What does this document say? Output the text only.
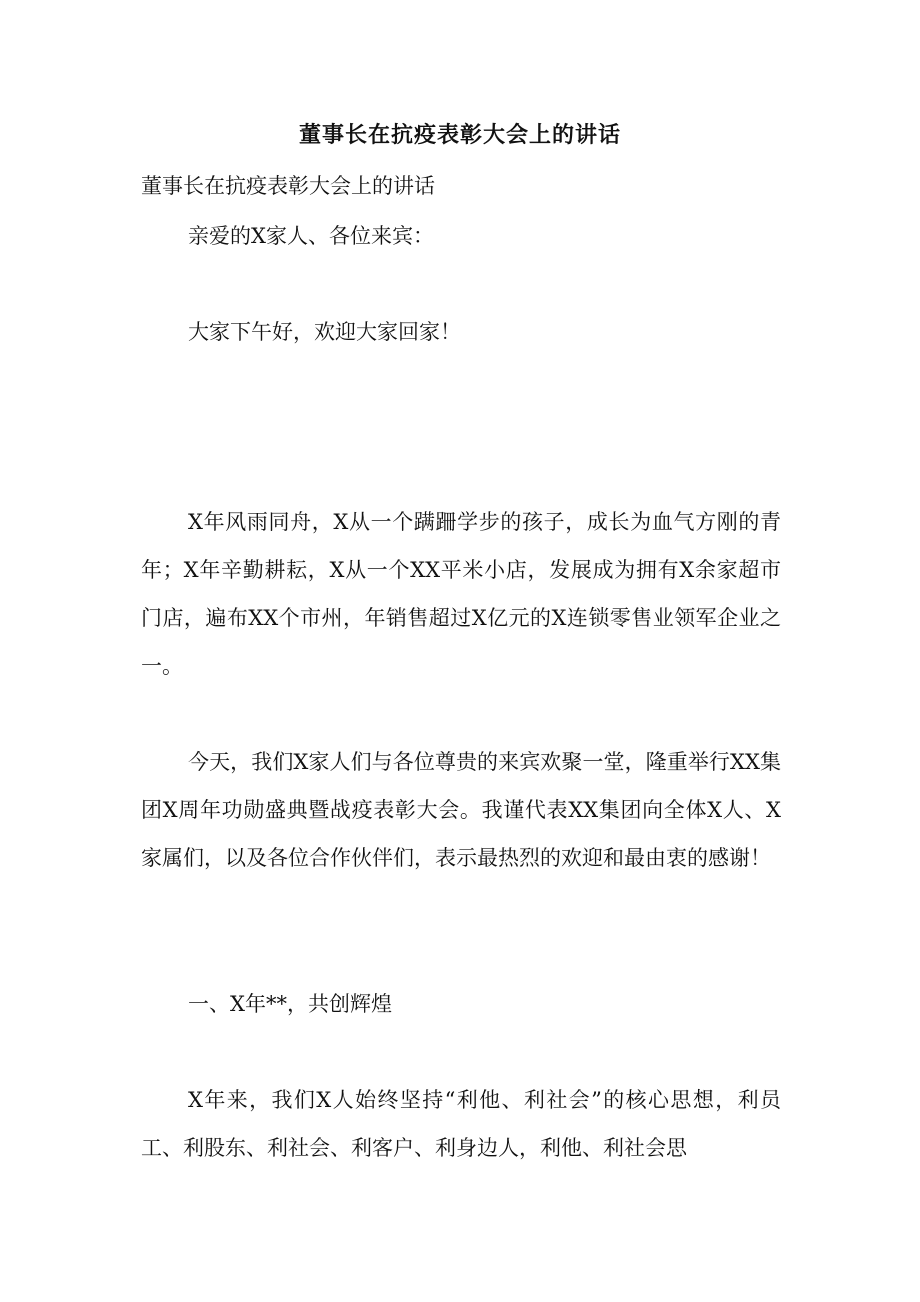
董事长在抗疫表彰大会上的讲话
董事长在抗疫表彰大会上的讲话
亲爱的X家人、各位来宾：
大家下午好，欢迎大家回家！
X年风雨同舟，X从一个蹒跚学步的孩子，成长为血气方刚的青年；X年辛勤耕耘，X从一个XX平米小店，发展成为拥有X余家超市门店，遍布XX个市州，年销售超过X亿元的X连锁零售业领军企业之一。
今天，我们X家人们与各位尊贵的来宾欢聚一堂，隆重举行XX集团X周年功勋盛典暨战疫表彰大会。我谨代表XX集团向全体X人、X家属们，以及各位合作伙伴们，表示最热烈的欢迎和最由衷的感谢！
一、X年**，共创辉煌
X年来，我们X人始终坚持“利他、利社会”的核心思想，利员工、利股东、利社会、利客户、利身边人，利他、利社会思
